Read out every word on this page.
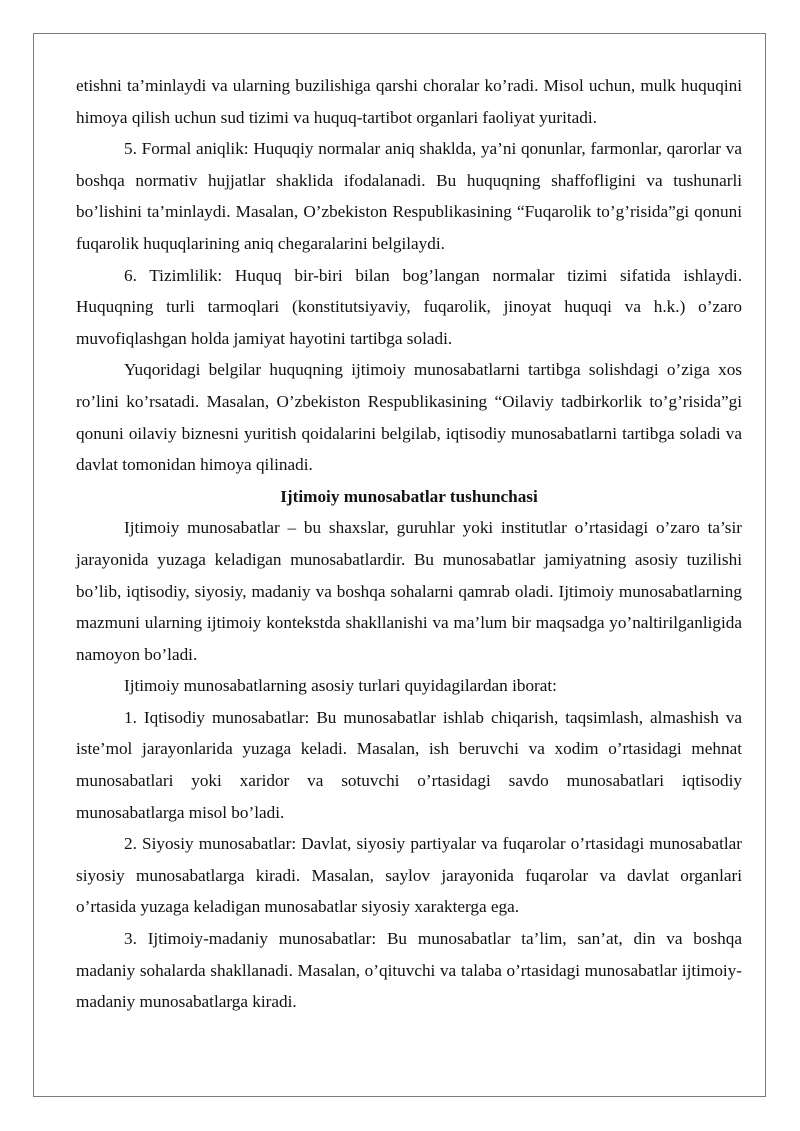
etishni ta’minlaydi va ularning buzilishiga qarshi choralar ko’radi. Misol uchun, mulk huquqini himoya qilish uchun sud tizimi va huquq-tartibot organlari faoliyat yuritadi.

5. Formal aniqlik: Huquqiy normalar aniq shaklda, ya’ni qonunlar, farmonlar, qarorlar va boshqa normativ hujjatlar shaklida ifodalanadi. Bu huquqning shaffofligini va tushunarli bo’lishini ta’minlaydi. Masalan, O’zbekiston Respublikasining “Fuqarolik to’g’risida”gi qonuni fuqarolik huquqlarining aniq chegaralarini belgilaydi.

6. Tizimlilik: Huquq bir-biri bilan bog’langan normalar tizimi sifatida ishlaydi. Huquqning turli tarmoqlari (konstitutsiyaviy, fuqarolik, jinoyat huquqi va h.k.) o’zaro muvofiqlashgan holda jamiyat hayotini tartibga soladi.

Yuqoridagi belgilar huquqning ijtimoiy munosabatlarni tartibga solishdagi o’ziga xos ro’lini ko’rsatadi. Masalan, O’zbekiston Respublikasining “Oilaviy tadbirkorlik to’g’risida”gi qonuni oilaviy biznesni yuritish qoidalarini belgilab, iqtisodiy munosabatlarni tartibga soladi va davlat tomonidan himoya qilinadi.

Ijtimoiy munosabatlar tushunchasi

Ijtimoiy munosabatlar – bu shaxslar, guruhlar yoki institutlar o’rtasidagi o’zaro ta’sir jarayonida yuzaga keladigan munosabatlardir. Bu munosabatlar jamiyatning asosiy tuzilishi bo’lib, iqtisodiy, siyosiy, madaniy va boshqa sohalarni qamrab oladi. Ijtimoiy munosabatlarning mazmuni ularning ijtimoiy kontekstda shakllanishi va ma’lum bir maqsadga yo’naltirilganligida namoyon bo’ladi.

Ijtimoiy munosabatlarning asosiy turlari quyidagilardan iborat:

1. Iqtisodiy munosabatlar: Bu munosabatlar ishlab chiqarish, taqsimlash, almashish va iste’mol jarayonlarida yuzaga keladi. Masalan, ish beruvchi va xodim o’rtasidagi mehnat munosabatlari yoki xaridor va sotuvchi o’rtasidagi savdo munosabatlari iqtisodiy munosabatlarga misol bo’ladi.

2. Siyosiy munosabatlar: Davlat, siyosiy partiyalar va fuqarolar o’rtasidagi munosabatlar siyosiy munosabatlarga kiradi. Masalan, saylov jarayonida fuqarolar va davlat organlari o’rtasida yuzaga keladigan munosabatlar siyosiy xarakterga ega.

3. Ijtimoiy-madaniy munosabatlar: Bu munosabatlar ta’lim, san’at, din va boshqa madaniy sohalarda shakllanadi. Masalan, o’qituvchi va talaba o’rtasidagi munosabatlar ijtimoiy-madaniy munosabatlarga kiradi.
